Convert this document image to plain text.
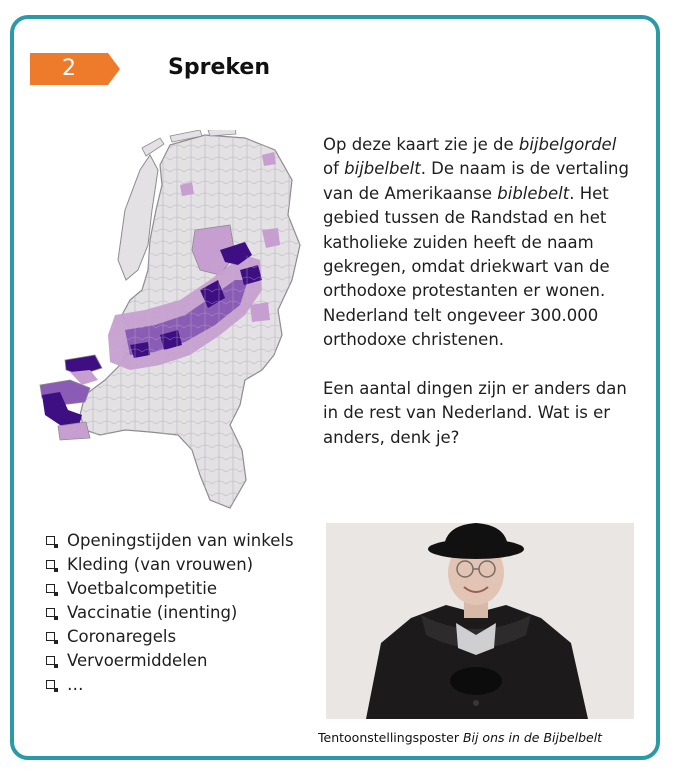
2	Spreken
Op deze kaart zie je de bijbelgordel of bijbelbelt. De naam is de vertaling van de Amerikaanse biblebelt. Het gebied tussen de Randstad en het katholieke zuiden heeft de naam gekregen, omdat driekwart van de orthodoxe protestanten er wonen. Nederland telt ongeveer 300.000 orthodoxe christenen.
Een aantal dingen zijn er anders dan in de rest van Nederland. Wat is er anders, denk je?
Openingstijden van winkels
Kleding (van vrouwen)
Voetbalcompetitie
Vaccinatie (inenting)
Coronaregels
Vervoermiddelen
…
Tentoonstellingsposter Bij ons in de Bijbelbelt
